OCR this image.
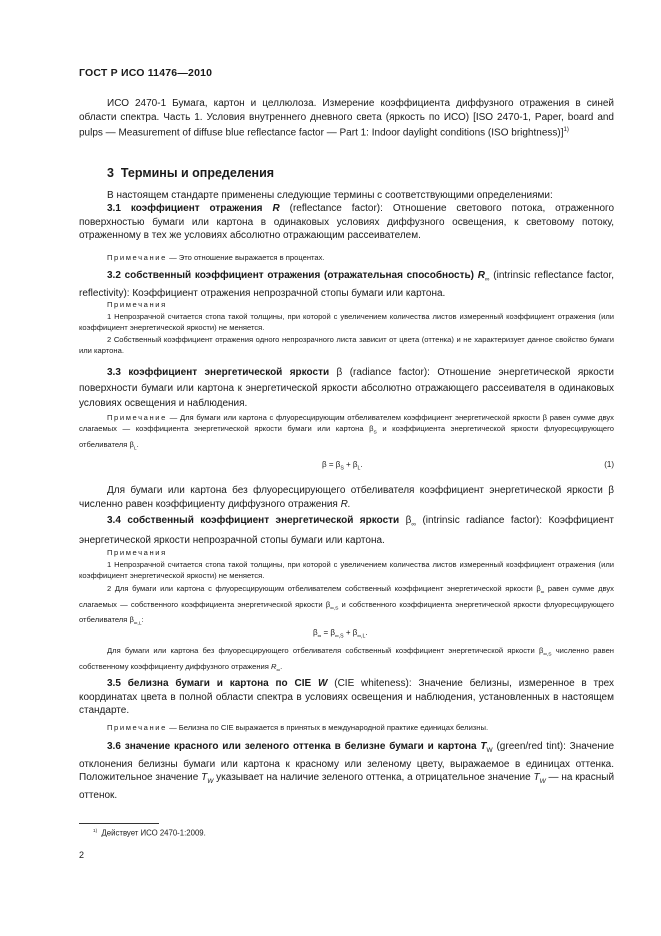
ГОСТ Р ИСО 11476—2010

ИСО 2470-1 Бумага, картон и целлюлоза. Измерение коэффициента диффузного отражения в синей области спектра. Часть 1. Условия внутреннего дневного света (яркость по ИСО) [ISO 2470-1, Paper, board and pulps — Measurement of diffuse blue reflectance factor — Part 1: Indoor daylight conditions (ISO brightness)]$^{1)}$

3 Термины и определения

В настоящем стандарте применены следующие термины с соответствующими определениями:

3.1 коэффициент отражения R (reflectance factor): Отношение светового потока, отраженного поверхностью бумаги или картона в одинаковых условиях диффузного освещения, к световому потоку, отраженному в тех же условиях абсолютно отражающим рассеивателем.

Примечание — Это отношение выражается в процентах.

3.2 собственный коэффициент отражения (отражательная способность) $R_\infty$ (intrinsic reflectance factor, reflectivity): Коэффициент отражения непрозрачной стопы бумаги или картона.

Примечания

1 Непрозрачной считается стопа такой толщины, при которой с увеличением количества листов измеренный коэффициент отражения (или коэффициент энергетической яркости) не меняется.

2 Собственный коэффициент отражения одного непрозрачного листа зависит от цвета (оттенка) и не характеризует данное свойство бумаги или картона.

3.3 коэффициент энергетической яркости β (radiance factor): Отношение энергетической яркости поверхности бумаги или картона к энергетической яркости абсолютно отражающего рассеивателя в одинаковых условиях освещения и наблюдения.

Примечание — Для бумаги или картона с флуоресцирующим отбеливателем коэффициент энергетической яркости β равен сумме двух слагаемых — коэффициента энергетической яркости бумаги или картона $\beta_S$ и коэффициента энергетической яркости флуоресцирующего отбеливателя $\beta_L$.

$\beta = \beta_S + \beta_L$.	(1)

Для бумаги или картона без флуоресцирующего отбеливателя коэффициент энергетической яркости β численно равен коэффициенту диффузного отражения R.

3.4 собственный коэффициент энергетической яркости $\beta_\infty$ (intrinsic radiance factor): Коэффициент энергетической яркости непрозрачной стопы бумаги или картона.

Примечания

1 Непрозрачной считается стопа такой толщины, при которой с увеличением количества листов измеренный коэффициент отражения (или коэффициент энергетической яркости) не меняется.

2 Для бумаги или картона с флуоресцирующим отбеливателем собственный коэффициент энергетической яркости $\beta_\infty$ равен сумме двух слагаемых — собственного коэффициента энергетической яркости $\beta_{\infty,S}$ и собственного коэффициента энергетической яркости флуоресцирующего отбеливателя $\beta_{\infty,L}$:

$\beta_\infty = \beta_{\infty,S} + \beta_{\infty,L}$.

Для бумаги или картона без флуоресцирующего отбеливателя собственный коэффициент энергетической яркости $\beta_{\infty,S}$ численно равен собственному коэффициенту диффузного отражения $R_\infty$.

3.5 белизна бумаги и картона по CIE W (CIE whiteness): Значение белизны, измеренное в трех координатах цвета в полной области спектра в условиях освещения и наблюдения, установленных в настоящем стандарте.

Примечание — Белизна по CIE выражается в принятых в международной практике единицах белизны.

3.6 значение красного или зеленого оттенка в белизне бумаги и картона $T_W$ (green/red tint): Значение отклонения белизны бумаги или картона к красному или зеленому цвету, выражаемое в единицах оттенка. Положительное значение $T_W$ указывает на наличие зеленого оттенка, а отрицательное значение $T_W$ — на красный оттенок.

$^{1)}$ Действует ИСО 2470-1:2009.
2
